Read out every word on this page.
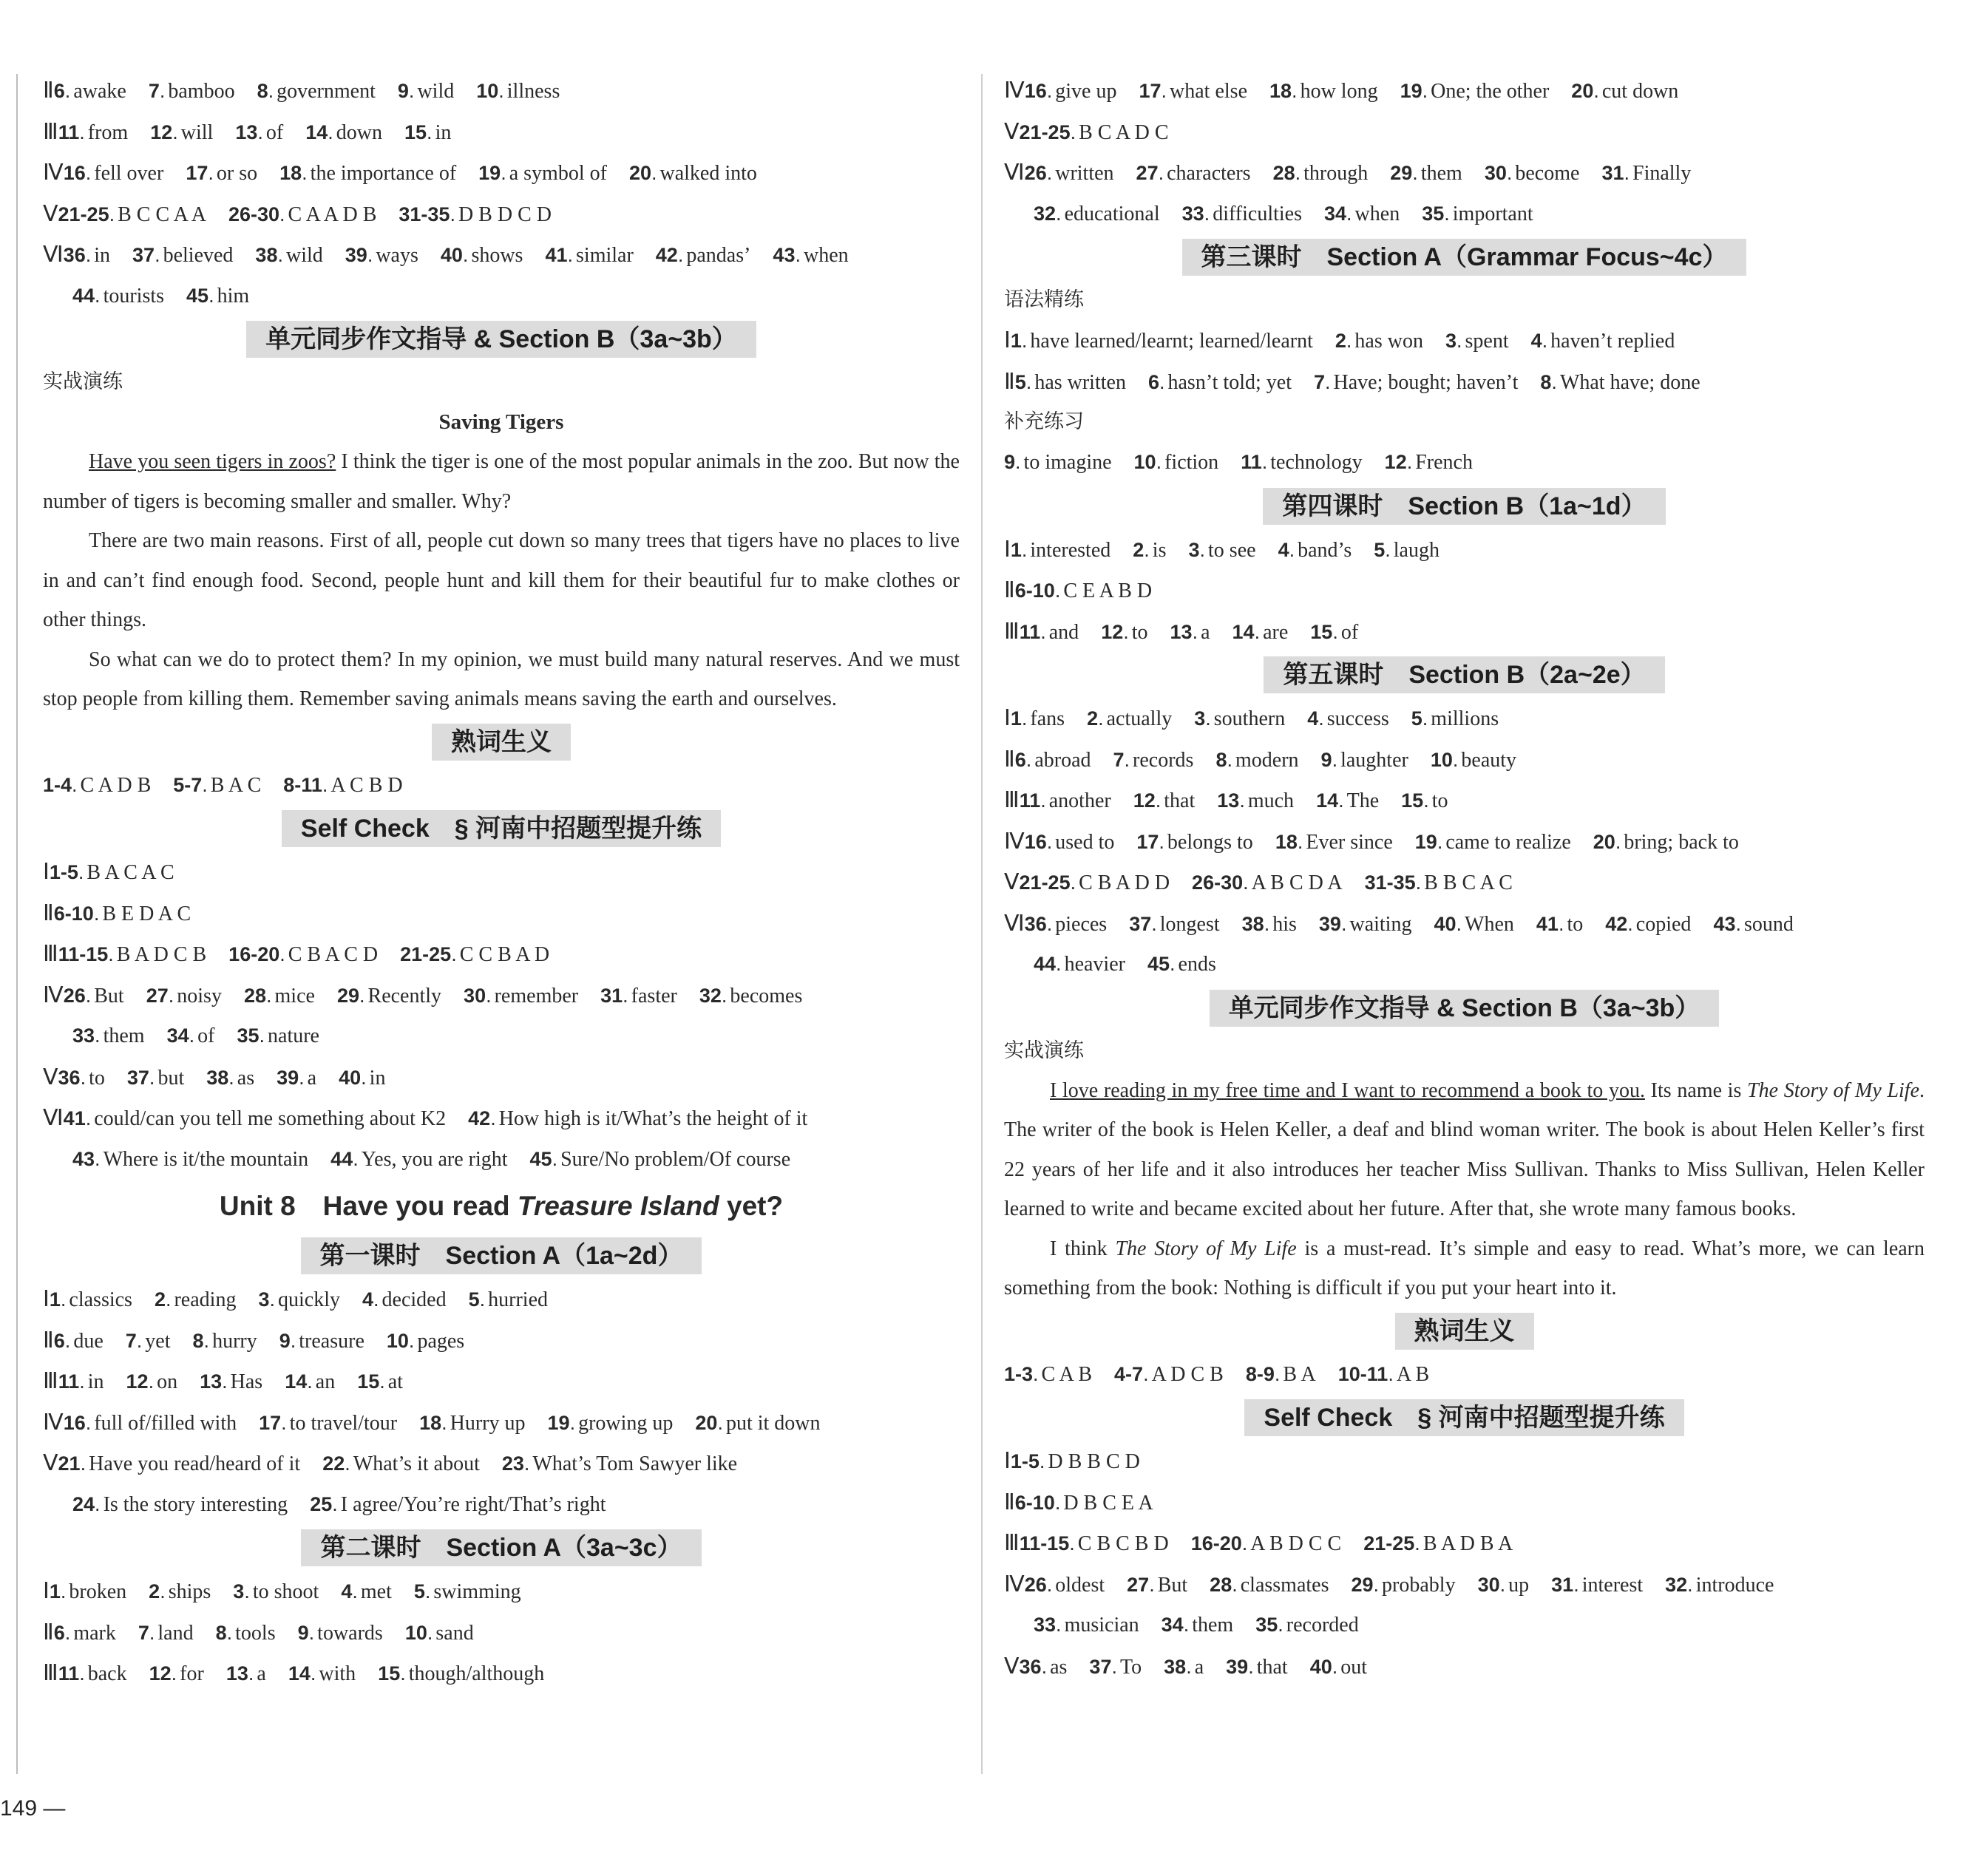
Ⅱ6 . awake 7 . bamboo 8 . government 9 . wild 10 . illness
Ⅲ11 . from 12 . will 13 . of 14 . down 15 . in
Ⅳ16 . fell over 17 . or so 18 . the importance of 19 . a symbol of 20 . walked into
Ⅴ21-25 . B C C A A 26-30 . C A A D B 31-35 . D B D C D
Ⅵ36 . in 37 . believed 38 . wild 39 . ways 40 . shows 41 . similar 42 . pandas’ 43 . when
44 . tourists 45 . him
单元同步作文指导 & Section B（3a~3b）
实战演练
Saving Tigers
Have you seen tigers in zoos? I think the tiger is one of the most popular animals in the zoo. But now the number of tigers is becoming smaller and smaller. Why?
There are two main reasons. First of all, people cut down so many trees that tigers have no places to live in and can’t find enough food. Second, people hunt and kill them for their beautiful fur to make clothes or other things.
So what can we do to protect them? In my opinion, we must build many natural reserves. And we must stop people from killing them. Remember saving animals means saving the earth and ourselves.
熟词生义
1-4 . C A D B 5-7 . B A C 8-11 . A C B D
Self Check　§ 河南中招题型提升练
Ⅰ1-5 . B A C A C
Ⅱ6-10 . B E D A C
Ⅲ11-15 . B A D C B 16-20 . C B A C D 21-25 . C C B A D
Ⅳ26 . But 27 . noisy 28 . mice 29 . Recently 30 . remember 31 . faster 32 . becomes
33 . them 34 . of 35 . nature
Ⅴ36 . to 37 . but 38 . as 39 . a 40 . in
Ⅵ41 . could/can you tell me something about K2 42 . How high is it/What’s the height of it
43 . Where is it/the mountain 44 . Yes, you are right 45 . Sure/No problem/Of course
Unit 8　Have you read Treasure Island yet?
第一课时　Section A（1a~2d）
Ⅰ1 . classics 2 . reading 3 . quickly 4 . decided 5 . hurried
Ⅱ6 . due 7 . yet 8 . hurry 9 . treasure 10 . pages
Ⅲ11 . in 12 . on 13 . Has 14 . an 15 . at
Ⅳ16 . full of/filled with 17 . to travel/tour 18 . Hurry up 19 . growing up 20 . put it down
Ⅴ21 . Have you read/heard of it 22 . What’s it about 23 . What’s Tom Sawyer like
24 . Is the story interesting 25 . I agree/You’re right/That’s right
第二课时　Section A（3a~3c）
Ⅰ1 . broken 2 . ships 3 . to shoot 4 . met 5 . swimming
Ⅱ6 . mark 7 . land 8 . tools 9 . towards 10 . sand
Ⅲ11 . back 12 . for 13 . a 14 . with 15 . though/although
Ⅳ16 . give up 17 . what else 18 . how long 19 . One; the other 20 . cut down
Ⅴ21-25 . B C A D C
Ⅵ26 . written 27 . characters 28 . through 29 . them 30 . become 31 . Finally
32 . educational 33 . difficulties 34 . when 35 . important
第三课时　Section A（Grammar Focus~4c）
语法精练
Ⅰ1 . have learned/learnt; learned/learnt 2 . has won 3 . spent 4 . haven’t replied
Ⅱ5 . has written 6 . hasn’t told; yet 7 . Have; bought; haven’t 8 . What have; done
补充练习
9 . to imagine 10 . fiction 11 . technology 12 . French
第四课时　Section B（1a~1d）
Ⅰ1 . interested 2 . is 3 . to see 4 . band’s 5 . laugh
Ⅱ6-10 . C E A B D
Ⅲ11 . and 12 . to 13 . a 14 . are 15 . of
第五课时　Section B（2a~2e）
Ⅰ1 . fans 2 . actually 3 . southern 4 . success 5 . millions
Ⅱ6 . abroad 7 . records 8 . modern 9 . laughter 10 . beauty
Ⅲ11 . another 12 . that 13 . much 14 . The 15 . to
Ⅳ16 . used to 17 . belongs to 18 . Ever since 19 . came to realize 20 . bring; back to
Ⅴ21-25 . C B A D D 26-30 . A B C D A 31-35 . B B C A C
Ⅵ36 . pieces 37 . longest 38 . his 39 . waiting 40 . When 41 . to 42 . copied 43 . sound
44 . heavier 45 . ends
单元同步作文指导 & Section B（3a~3b）
实战演练
I love reading in my free time and I want to recommend a book to you. Its name is The Story of My Life. The writer of the book is Helen Keller, a deaf and blind woman writer. The book is about Helen Keller’s first 22 years of her life and it also introduces her teacher Miss Sullivan. Thanks to Miss Sullivan, Helen Keller learned to write and became excited about her future. After that, she wrote many famous books.
I think The Story of My Life is a must-read. It’s simple and easy to read. What’s more, we can learn something from the book: Nothing is difficult if you put your heart into it.
熟词生义
1-3 . C A B 4-7 . A D C B 8-9 . B A 10-11 . A B
Self Check　§ 河南中招题型提升练
Ⅰ1-5 . D B B C D
Ⅱ6-10 . D B C E A
Ⅲ11-15 . C B C B D 16-20 . A B D C C 21-25 . B A D B A
Ⅳ26 . oldest 27 . But 28 . classmates 29 . probably 30 . up 31 . interest 32 . introduce
33 . musician 34 . them 35 . recorded
Ⅴ36 . as 37 . To 38 . a 39 . that 40 . out
149 —
